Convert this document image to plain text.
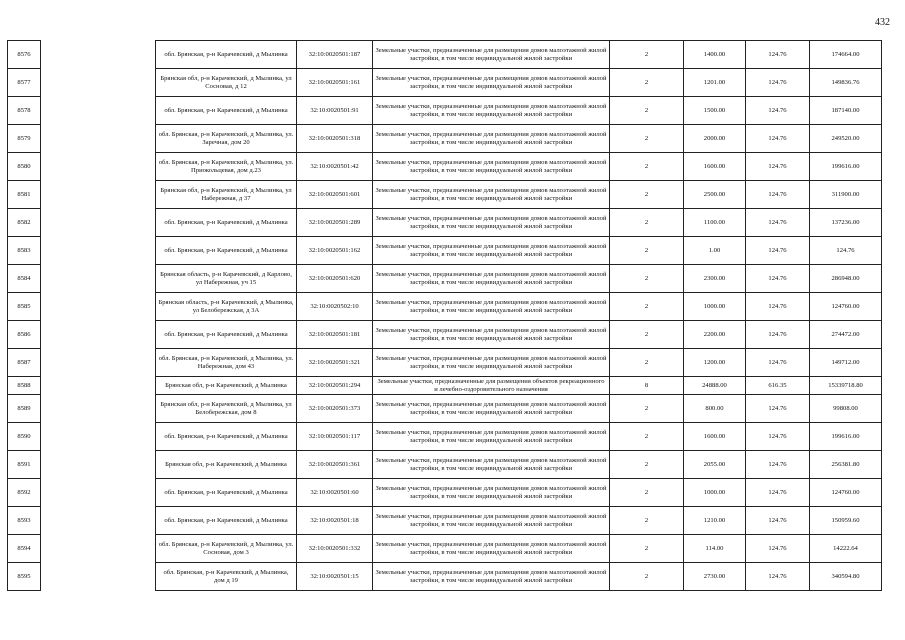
432
8576		обл. Брянская, р-н Карачевский, д Мылинка	32:10:0020501:187	Земельные участки, предназначенные для размещения домов малоэтажной жилой застройки, в том числе индивидуальной жилой застройки	2	1400.00	124.76	174664.00
8577		Брянская обл, р-н Карачевский, д Мылинка, ул Сосновая, д 12	32:10:0020501:161	Земельные участки, предназначенные для размещения домов малоэтажной жилой застройки, в том числе индивидуальной жилой застройки	2	1201.00	124.76	149836.76
8578		обл. Брянская, р-н Карачевский, д Мылинка	32:10:0020501:91	Земельные участки, предназначенные для размещения домов малоэтажной жилой застройки, в том числе индивидуальной жилой застройки	2	1500.00	124.76	187140.00
8579		обл. Брянская, р-н Карачевский, д Мылинка, ул. Заречная, дом 20	32:10:0020501:318	Земельные участки, предназначенные для размещения домов малоэтажной жилой застройки, в том числе индивидуальной жилой застройки	2	2000.00	124.76	249520.00
8580		обл. Брянская, р-н Карачевский, д Мылинка, ул. Приокольцевая, дом д.23	32:10:0020501:42	Земельные участки, предназначенные для размещения домов малоэтажной жилой застройки, в том числе индивидуальной жилой застройки	2	1600.00	124.76	199616.00
8581		Брянская обл, р-н Карачевский, д Мылинка, ул Набережная, д 37	32:10:0020501:601	Земельные участки, предназначенные для размещения домов малоэтажной жилой застройки, в том числе индивидуальной жилой застройки	2	2500.00	124.76	311900.00
8582		обл. Брянская, р-н Карачевский, д Мылинка	32:10:0020501:289	Земельные участки, предназначенные для размещения домов малоэтажной жилой застройки, в том числе индивидуальной жилой застройки	2	1100.00	124.76	137236.00
8583		обл. Брянская, р-н Карачевский, д Мылинка	32:10:0020501:162	Земельные участки, предназначенные для размещения домов малоэтажной жилой застройки, в том числе индивидуальной жилой застройки	2	1.00	124.76	124.76
8584		Брянская область, р-н Карачевский, д Карлово, ул Набережная, уч 15	32:10:0020501:620	Земельные участки, предназначенные для размещения домов малоэтажной жилой застройки, в том числе индивидуальной жилой застройки	2	2300.00	124.76	286948.00
8585		Брянская область, р-н Карачевский, д Мылинка, ул Белобережская, д 3А	32:10:0020502:10	Земельные участки, предназначенные для размещения домов малоэтажной жилой застройки, в том числе индивидуальной жилой застройки	2	1000.00	124.76	124760.00
8586		обл. Брянская, р-н Карачевский, д Мылинка	32:10:0020501:181	Земельные участки, предназначенные для размещения домов малоэтажной жилой застройки, в том числе индивидуальной жилой застройки	2	2200.00	124.76	274472.00
8587		обл. Брянская, р-н Карачевский, д Мылинка, ул. Набережная, дом 43	32:10:0020501:321	Земельные участки, предназначенные для размещения домов малоэтажной жилой застройки, в том числе индивидуальной жилой застройки	2	1200.00	124.76	149712.00
8588		Брянская обл, р-н Карачевский, д Мылинка	32:10:0020501:294	Земельные участки, предназначенные для размещения объектов рекреационного и лечебно-оздоровительного назначения	8	24888.00	616.35	15339718.80
8589		Брянская обл, р-н Карачевский, д Мылинка, ул Белобережская, дом 8	32:10:0020501:373	Земельные участки, предназначенные для размещения домов малоэтажной жилой застройки, в том числе индивидуальной жилой застройки	2	800.00	124.76	99808.00
8590		обл. Брянская, р-н Карачевский, д Мылинка	32:10:0020501:117	Земельные участки, предназначенные для размещения домов малоэтажной жилой застройки, в том числе индивидуальной жилой застройки	2	1600.00	124.76	199616.00
8591		Брянская обл, р-н Карачевский, д Мылинка	32:10:0020501:361	Земельные участки, предназначенные для размещения домов малоэтажной жилой застройки, в том числе индивидуальной жилой застройки	2	2055.00	124.76	256381.80
8592		обл. Брянская, р-н Карачевский, д Мылинка	32:10:0020501:60	Земельные участки, предназначенные для размещения домов малоэтажной жилой застройки, в том числе индивидуальной жилой застройки	2	1000.00	124.76	124760.00
8593		обл. Брянская, р-н Карачевский, д Мылинка	32:10:0020501:18	Земельные участки, предназначенные для размещения домов малоэтажной жилой застройки, в том числе индивидуальной жилой застройки	2	1210.00	124.76	150959.60
8594		обл. Брянская, р-н Карачевский, д Мылинка, ул. Сосновая, дом 3	32:10:0020501:332	Земельные участки, предназначенные для размещения домов малоэтажной жилой застройки, в том числе индивидуальной жилой застройки	2	114.00	124.76	14222.64
8595		обл. Брянская, р-н Карачевский, д Мылинка, дом д 19	32:10:0020501:15	Земельные участки, предназначенные для размещения домов малоэтажной жилой застройки, в том числе индивидуальной жилой застройки	2	2730.00	124.76	340594.80
